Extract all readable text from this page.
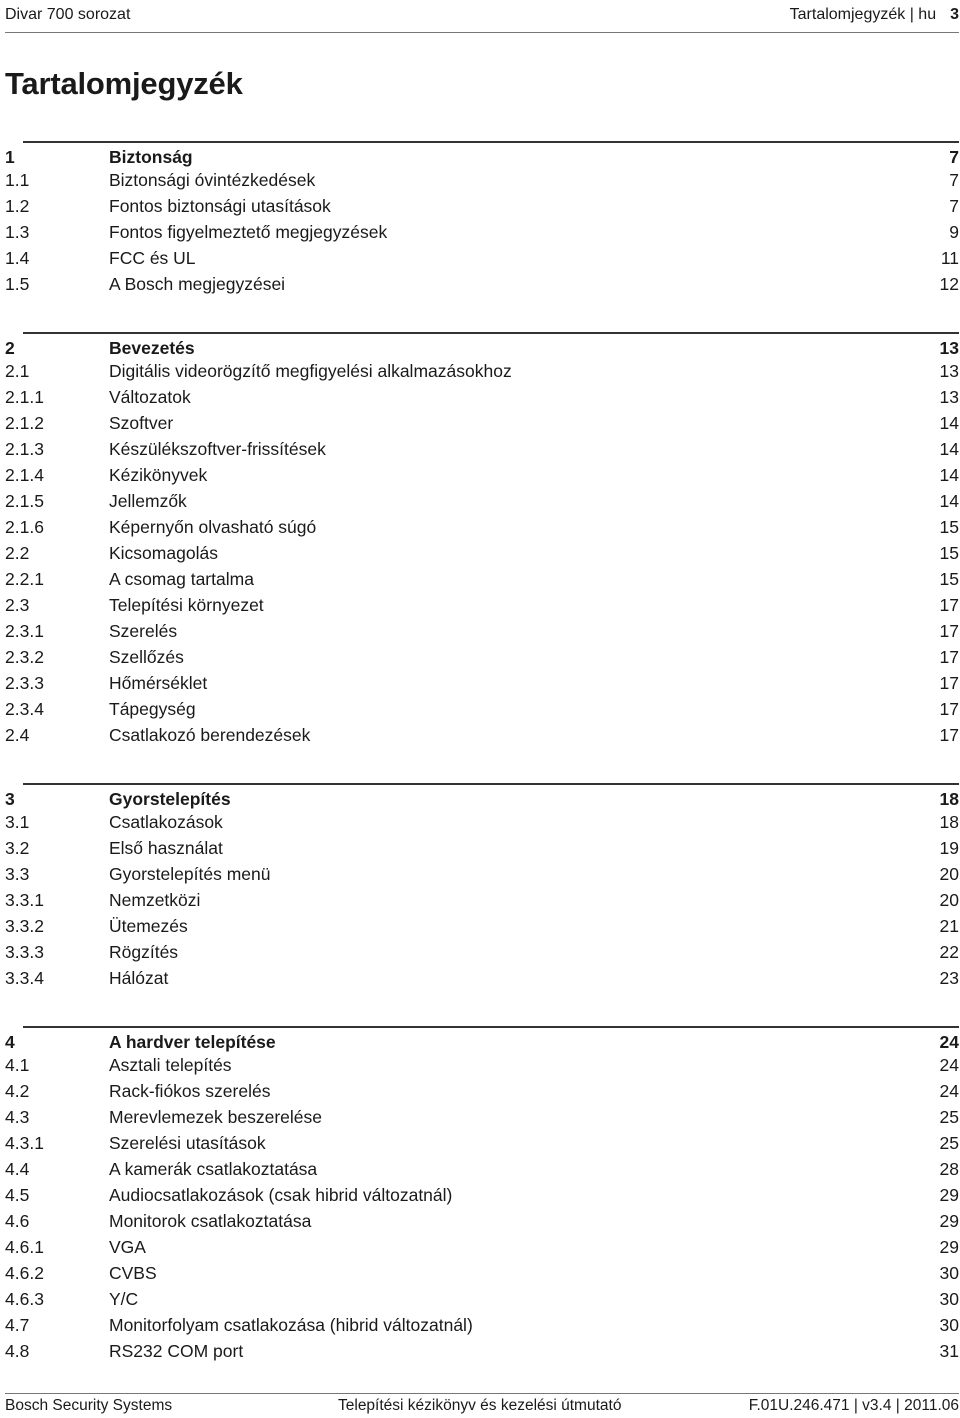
Divar 700 sorozat	Tartalomjegyzék | hu 3
Tartalomjegyzék
1	Biztonság	7
1.1	Biztonsági óvintézkedések	7
1.2	Fontos biztonsági utasítások	7
1.3	Fontos figyelmeztető megjegyzések	9
1.4	FCC és UL	11
1.5	A Bosch megjegyzései	12
2	Bevezetés	13
2.1	Digitális videorögzítő megfigyelési alkalmazásokhoz	13
2.1.1	Változatok	13
2.1.2	Szoftver	14
2.1.3	Készülékszoftver-frissítések	14
2.1.4	Kézikönyvek	14
2.1.5	Jellemzők	14
2.1.6	Képernyőn olvasható súgó	15
2.2	Kicsomagolás	15
2.2.1	A csomag tartalma	15
2.3	Telepítési környezet	17
2.3.1	Szerelés	17
2.3.2	Szellőzés	17
2.3.3	Hőmérséklet	17
2.3.4	Tápegység	17
2.4	Csatlakozó berendezések	17
3	Gyorstelepítés	18
3.1	Csatlakozások	18
3.2	Első használat	19
3.3	Gyorstelepítés menü	20
3.3.1	Nemzetközi	20
3.3.2	Ütemezés	21
3.3.3	Rögzítés	22
3.3.4	Hálózat	23
4	A hardver telepítése	24
4.1	Asztali telepítés	24
4.2	Rack-fiókos szerelés	24
4.3	Merevlemezek beszerelése	25
4.3.1	Szerelési utasítások	25
4.4	A kamerák csatlakoztatása	28
4.5	Audiocsatlakozások (csak hibrid változatnál)	29
4.6	Monitorok csatlakoztatása	29
4.6.1	VGA	29
4.6.2	CVBS	30
4.6.3	Y/C	30
4.7	Monitorfolyam csatlakozása (hibrid változatnál)	30
4.8	RS232 COM port	31
Bosch Security Systems	Telepítési kézikönyv és kezelési útmutató	F.01U.246.471 | v3.4 | 2011.06
